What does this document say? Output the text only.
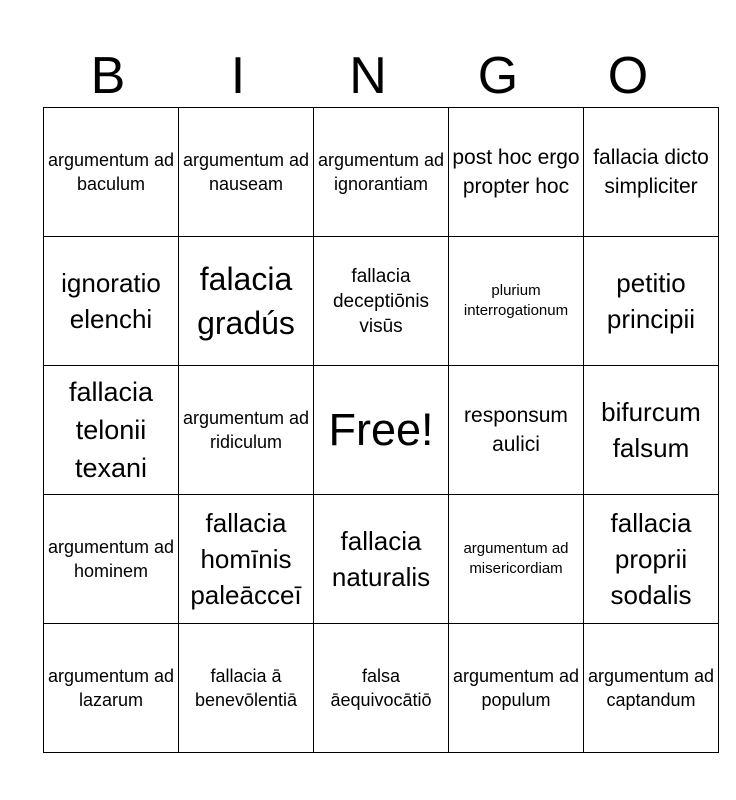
B	I	N	G	O
argumentum ad baculum	argumentum ad nauseam	argumentum ad ignorantiam	post hoc ergo propter hoc	fallacia dicto simpliciter
ignoratio elenchi	falacia gradús	fallacia deceptiōnis visūs	plurium interrogationum	petitio principii
fallacia telonii texani	argumentum ad ridiculum	Free!	responsum aulici	bifurcum falsum
argumentum ad hominem	fallacia homīnis paleācceī	fallacia naturalis	argumentum ad misericordiam	fallacia proprii sodalis
argumentum ad lazarum	fallacia ā benevōlentiā	falsa āequivocātiō	argumentum ad populum	argumentum ad captandum
